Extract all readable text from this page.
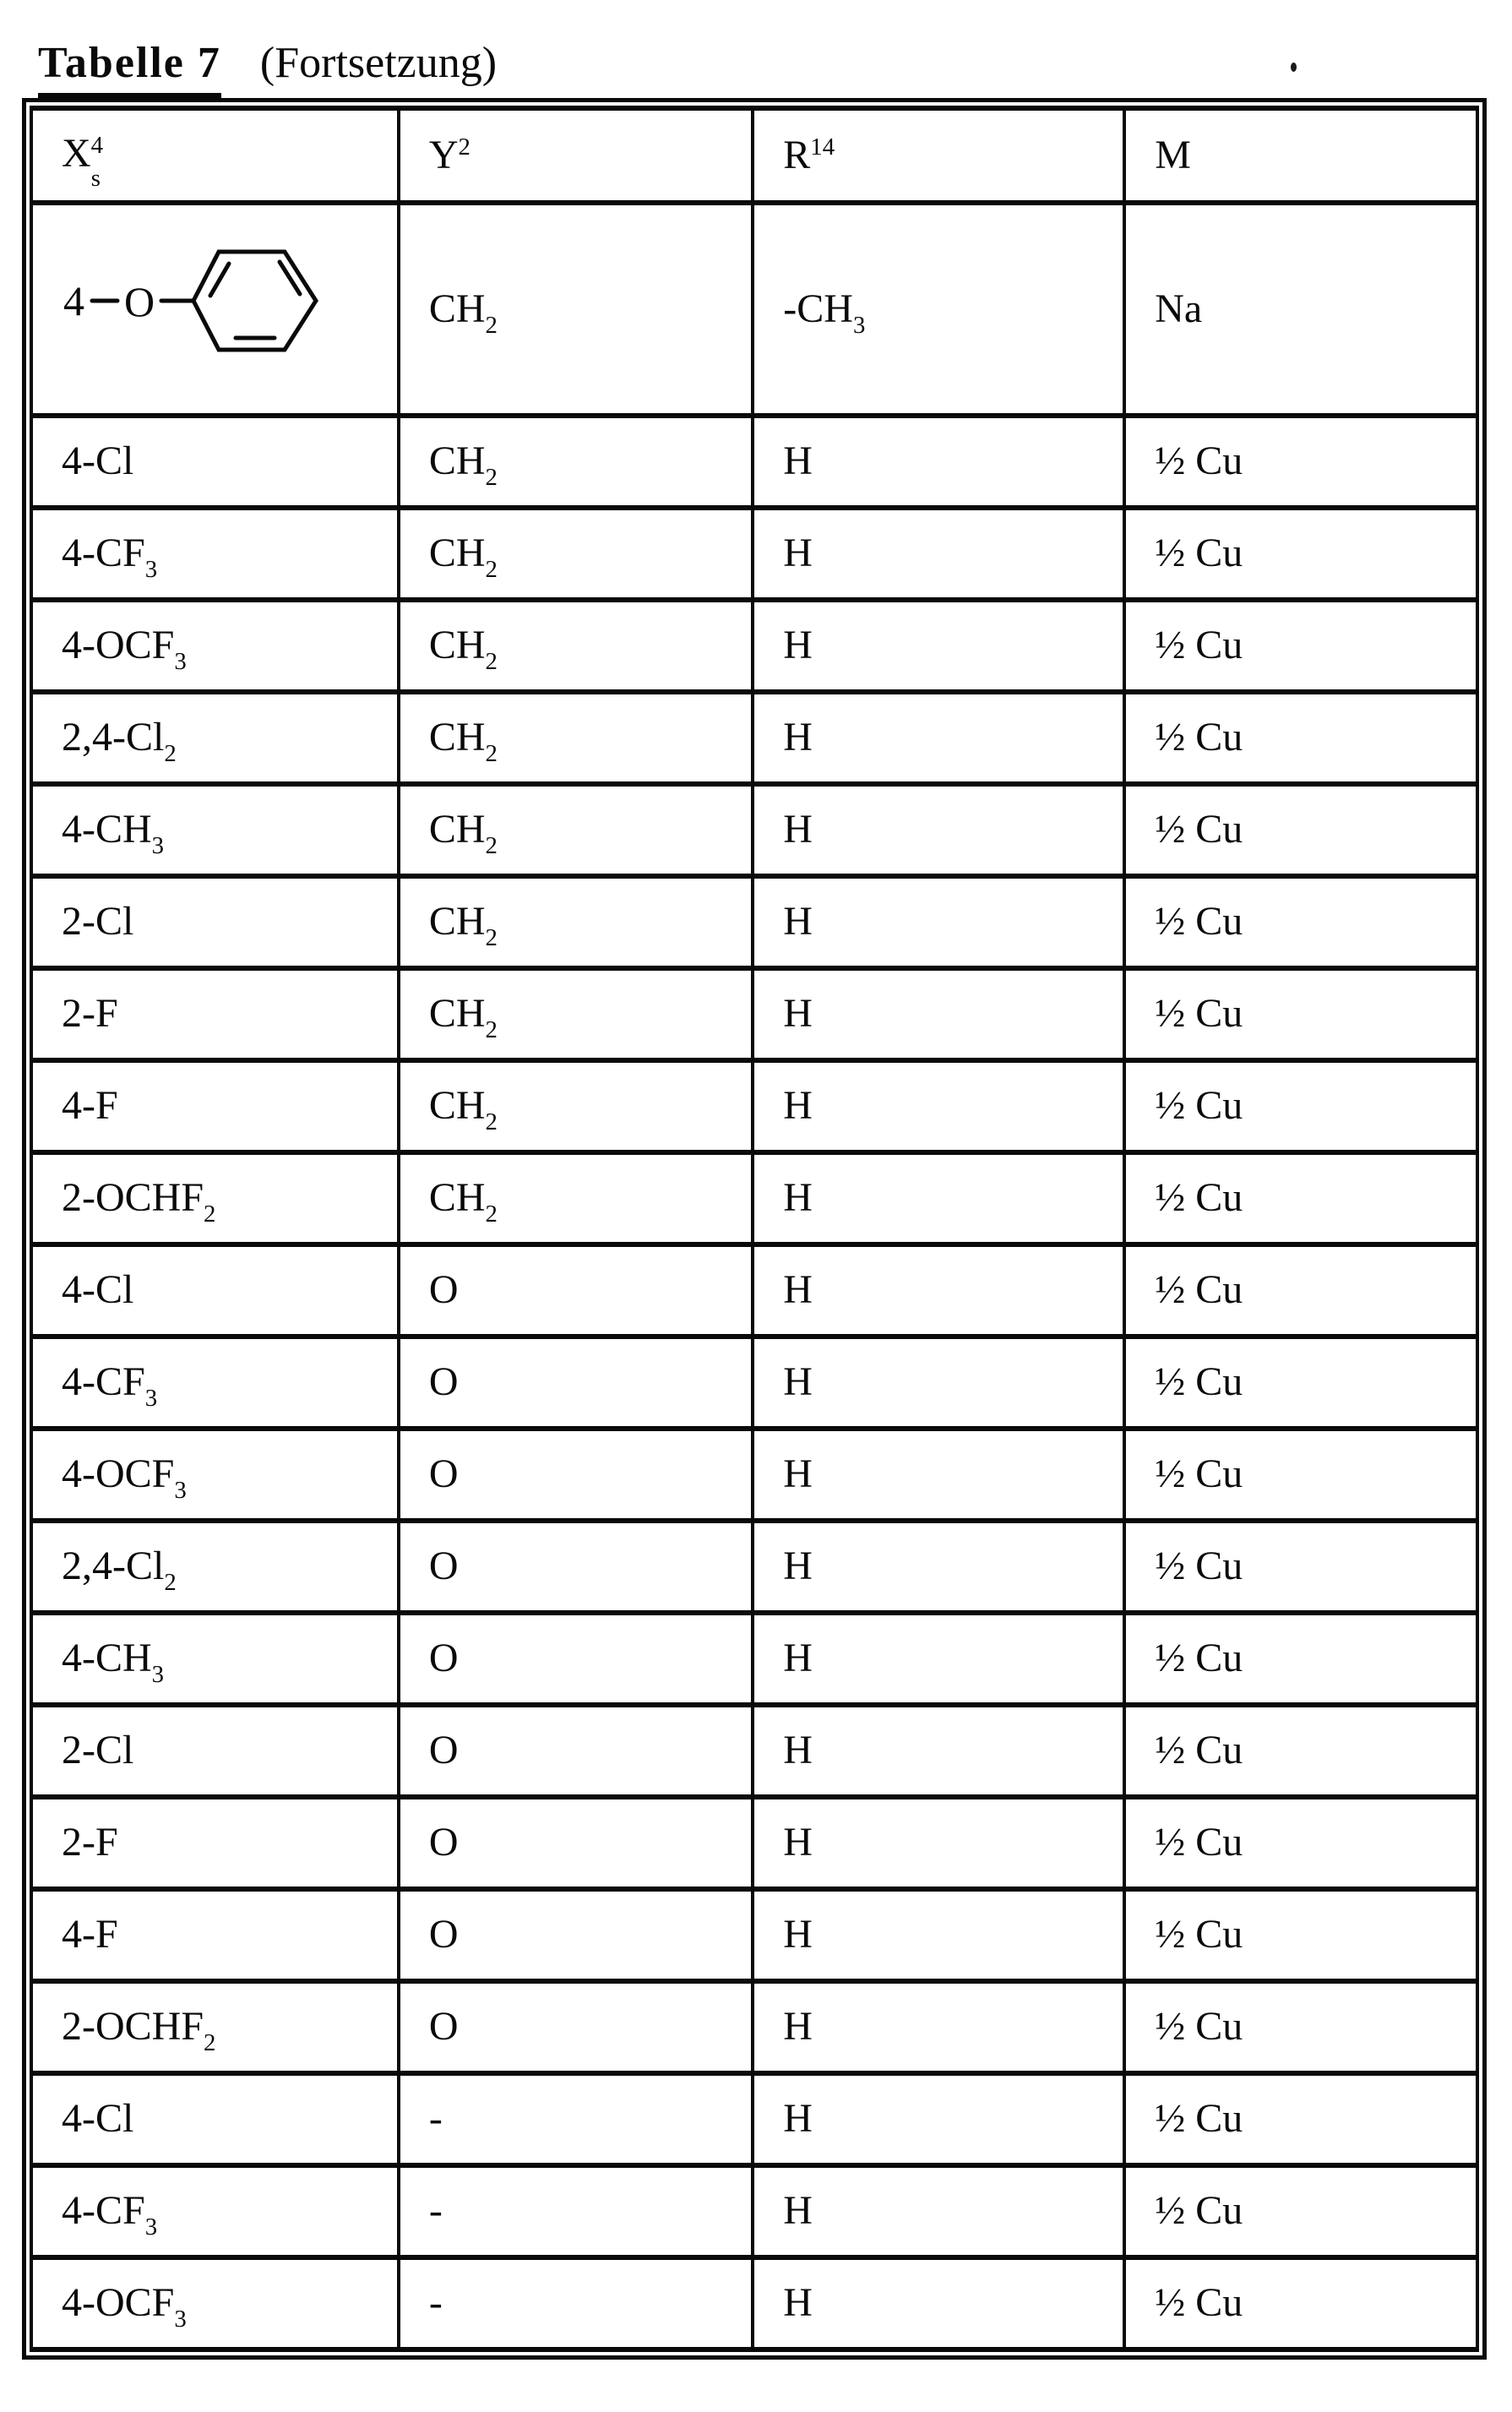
Tabelle 7 (Fortsetzung)
$X^4_s$	$Y^2$	$R^{14}$	M

4 O	$CH_2$	$-CH_3$	Na
4-Cl	$CH_2$	H	½ Cu
$4-CF_3$	$CH_2$	H	½ Cu
$4-OCF_3$	$CH_2$	H	½ Cu
$2,4-Cl_2$	$CH_2$	H	½ Cu
$4-CH_3$	$CH_2$	H	½ Cu
2-Cl	$CH_2$	H	½ Cu
2-F	$CH_2$	H	½ Cu
4-F	$CH_2$	H	½ Cu
$2-OCHF_2$	$CH_2$	H	½ Cu
4-Cl	O	H	½ Cu
$4-CF_3$	O	H	½ Cu
$4-OCF_3$	O	H	½ Cu
$2,4-Cl_2$	O	H	½ Cu
$4-CH_3$	O	H	½ Cu
2-Cl	O	H	½ Cu
2-F	O	H	½ Cu
4-F	O	H	½ Cu
$2-OCHF_2$	O	H	½ Cu
4-Cl	-	H	½ Cu
$4-CF_3$	-	H	½ Cu
$4-OCF_3$	-	H	½ Cu
